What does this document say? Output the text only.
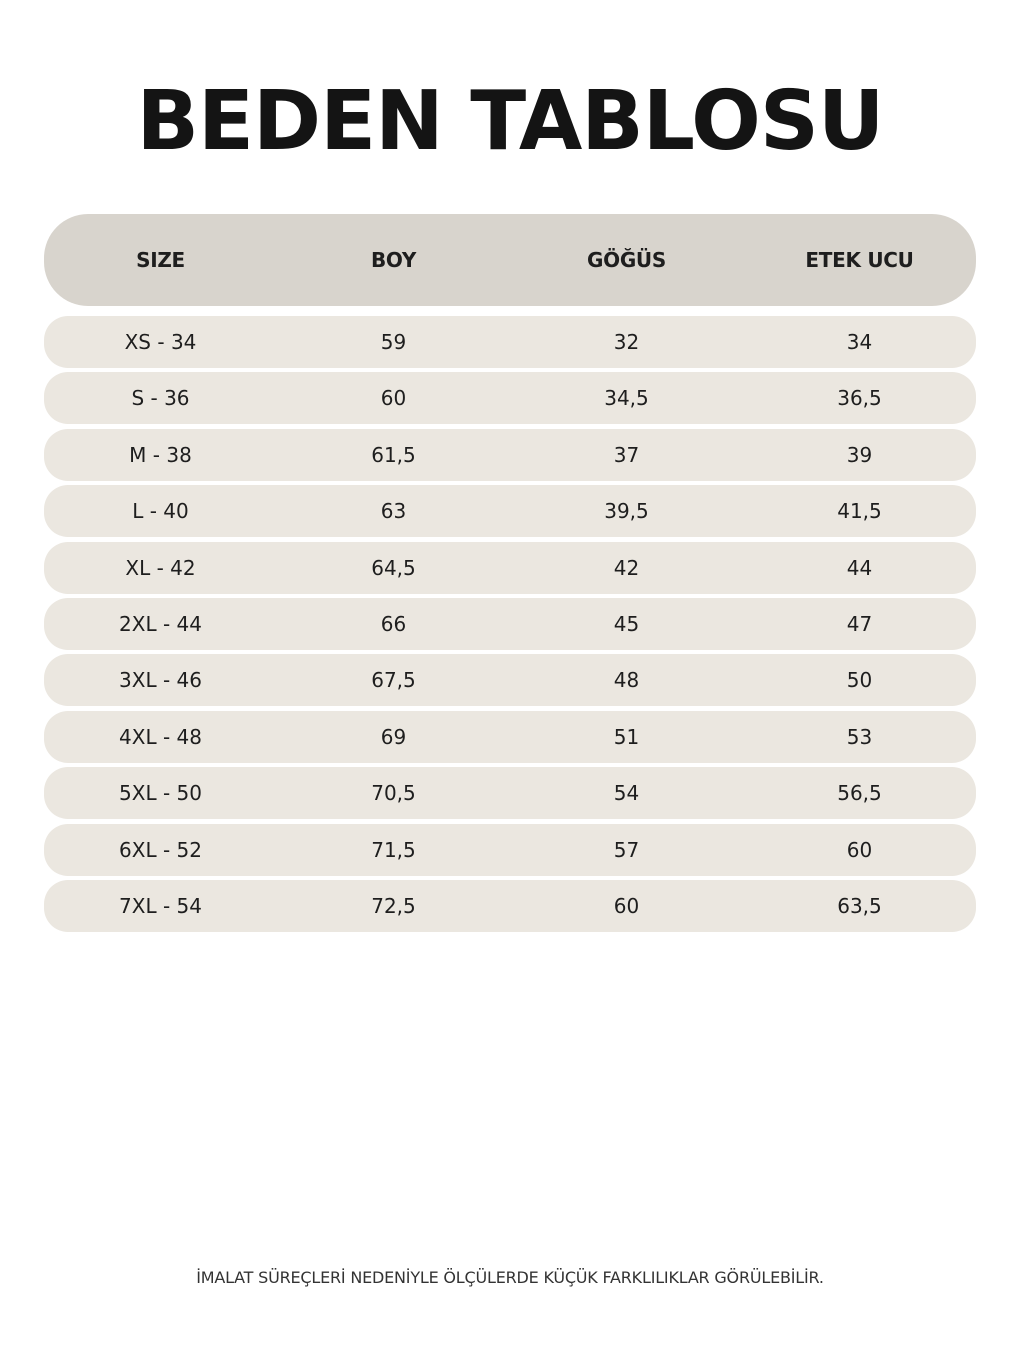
BEDEN TABLOSU
SIZE	BOY	GÖĞÜS	ETEK UCU
XS - 34	59	32	34
S - 36	60	34,5	36,5
M - 38	61,5	37	39
L - 40	63	39,5	41,5
XL - 42	64,5	42	44
2XL - 44	66	45	47
3XL - 46	67,5	48	50
4XL - 48	69	51	53
5XL - 50	70,5	54	56,5
6XL - 52	71,5	57	60
7XL - 54	72,5	60	63,5
İMALAT SÜREÇLERİ NEDENİYLE ÖLÇÜLERDE KÜÇÜK FARKLILIKLAR GÖRÜLEBİLİR.
